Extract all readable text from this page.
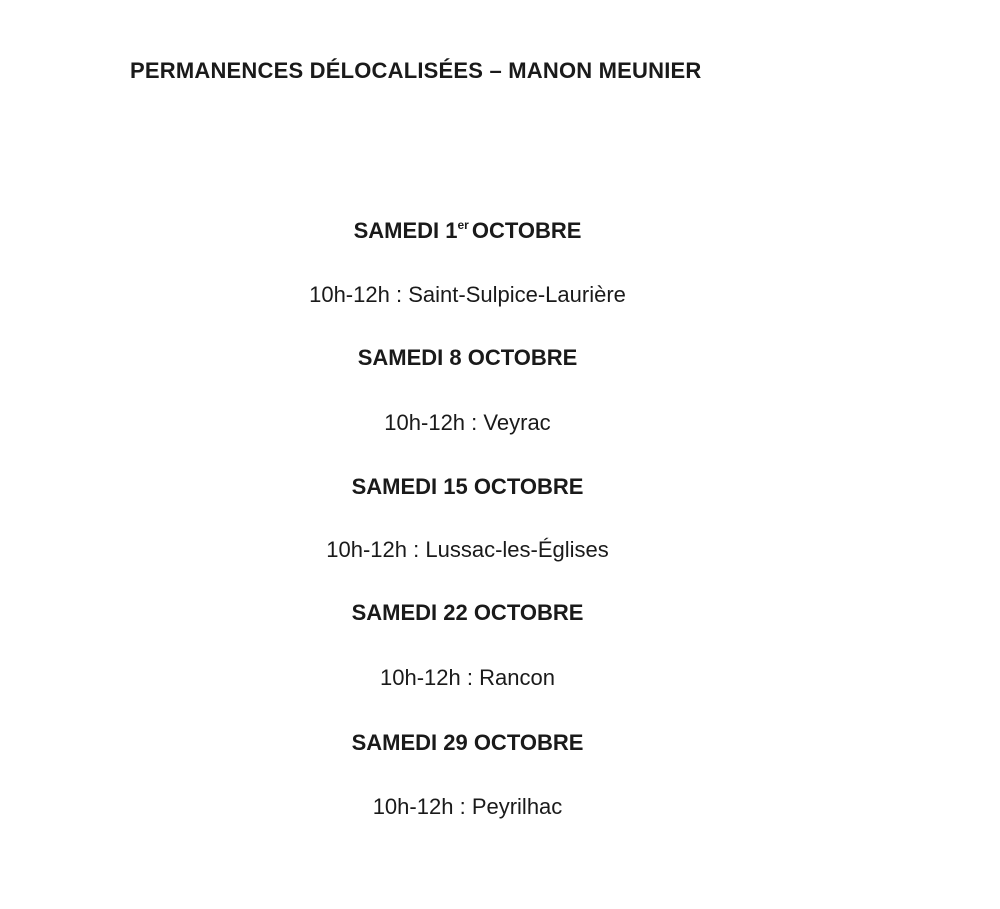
PERMANENCES DÉLOCALISÉES – MANON MEUNIER
SAMEDI 1er OCTOBRE
10h-12h : Saint-Sulpice-Laurière
SAMEDI 8 OCTOBRE
10h-12h : Veyrac
SAMEDI 15 OCTOBRE
10h-12h : Lussac-les-Églises
SAMEDI 22 OCTOBRE
10h-12h : Rancon
SAMEDI 29 OCTOBRE
10h-12h : Peyrilhac
